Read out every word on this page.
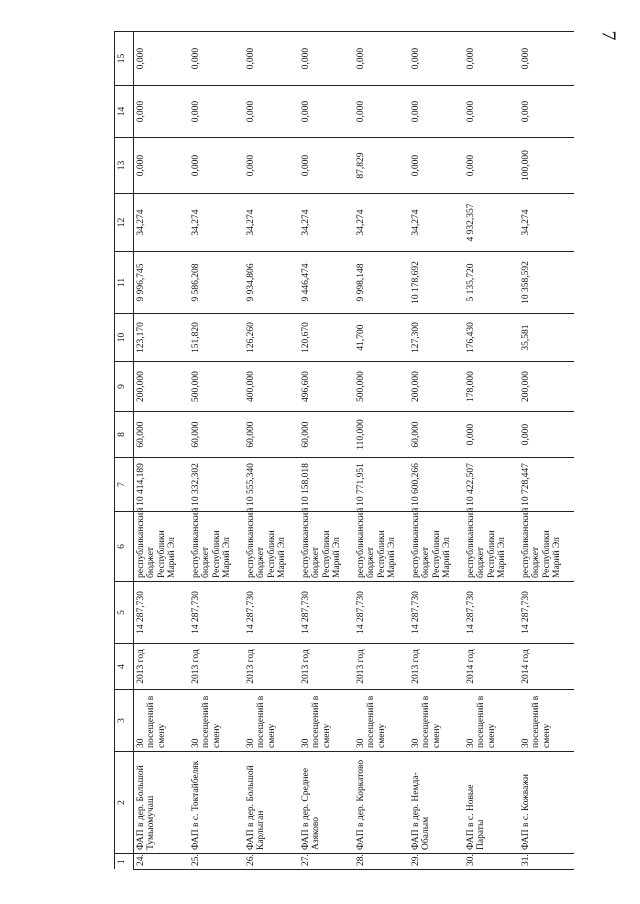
7
1	2	3	4	5	6	7	8	9	10	11	12	13	14	15
24.	ФАП в дер. Большой Тумьюмучаш	30 посещений в смену	2013 год	14 287,730	республиканский бюджет Республики Марий Эл	10 414,189	60,000	200,000	123,170	9 996,745	34,274	0,000	0,000	0,000
25.	ФАП в с. Токтайбеляк	30 посещений в смену	2013 год	14 287,730	республиканский бюджет Республики Марий Эл	10 332,302	60,000	500,000	151,820	9 586,208	34,274	0,000	0,000	0,000
26.	ФАП в дер. Большой Карлыган	30 посещений в смену	2013 год	14 287,730	республиканский бюджет Республики Марий Эл	10 555,340	60,000	400,000	126,260	9 934,806	34,274	0,000	0,000	0,000
27.	ФАП в дер. Среднее Азяково	30 посещений в смену	2013 год	14 287,730	республиканский бюджет Республики Марий Эл	10 158,018	60,000	496,600	120,670	9 446,474	34,274	0,000	0,000	0,000
28.	ФАП в дер. Коркатово	30 посещений в смену	2013 год	14 287,730	республиканский бюджет Республики Марий Эл	10 771,951	110,000	500,000	41,700	9 998,148	34,274	87,829	0,000	0,000
29.	ФАП в дер. Немда-Обалым	30 посещений в смену	2013 год	14 287,730	республиканский бюджет Республики Марий Эл	10 600,266	60,000	200,000	127,300	10 178,692	34,274	0,000	0,000	0,000
30.	ФАП в с. Новые Параты	30 посещений в смену	2014 год	14 287,730	республиканский бюджет Республики Марий Эл	10 422,507	0,000	178,000	176,430	5 135,720	4 932,357	0,000	0,000	0,000
31.	ФАП в с. Кожважи	30 посещений в смену	2014 год	14 287,730	республиканский бюджет Республики Марий Эл	10 728,447	0,000	200,000	35,581	10 358,592	34,274	100,000	0,000	0,000
